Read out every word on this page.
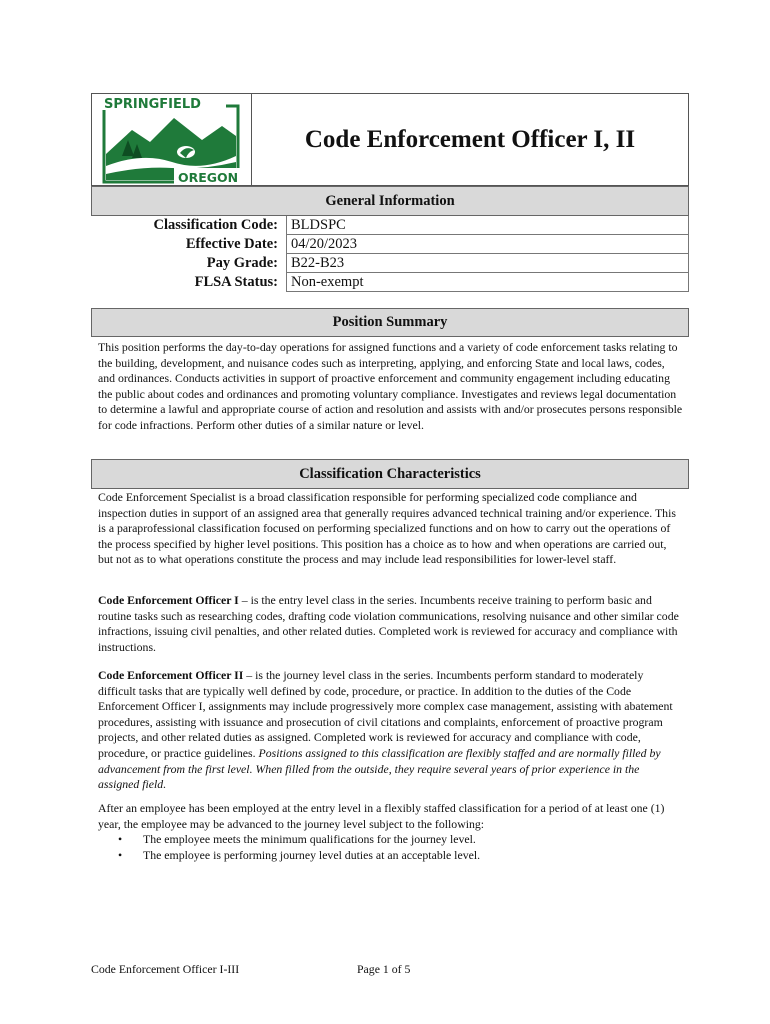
SPRINGFIELD
OREGON
Code Enforcement Officer I, II
General Information
Classification Code:	BLDSPC
Effective Date:	04/20/2023
Pay Grade:	B22-B23
FLSA Status:	Non-exempt
Position Summary

This position performs the day-to-day operations for assigned functions and a variety of code enforcement tasks relating to the building, development, and nuisance codes such as interpreting, applying, and enforcing State and local laws, codes, and ordinances. Conducts activities in support of proactive enforcement and community engagement including educating the public about codes and ordinances and promoting voluntary compliance. Investigates and reviews legal documentation to determine a lawful and appropriate course of action and resolution and assists with and/or prosecutes persons responsible for code infractions. Perform other duties of a similar nature or level.

Classification Characteristics

Code Enforcement Specialist is a broad classification responsible for performing specialized code compliance and inspection duties in support of an assigned area that generally requires advanced technical training and/or experience. This is a paraprofessional classification focused on performing specialized functions and on how to carry out the operations of the process specified by higher level positions. This position has a choice as to how and when operations are carried out, but not as to what operations constitute the process and may include lead responsibilities for lower-level staff.

Code Enforcement Officer I – is the entry level class in the series. Incumbents receive training to perform basic and routine tasks such as researching codes, drafting code violation communications, resolving nuisance and other similar code infractions, issuing civil penalties, and other related duties. Completed work is reviewed for accuracy and compliance with instructions.

Code Enforcement Officer II – is the journey level class in the series. Incumbents perform standard to moderately difficult tasks that are typically well defined by code, procedure, or practice. In addition to the duties of the Code Enforcement Officer I, assignments may include progressively more complex case management, assisting with abatement procedures, assisting with issuance and prosecution of civil citations and complaints, enforcement of proactive program projects, and other related duties as assigned. Completed work is reviewed for accuracy and compliance with code, procedure, or practice guidelines. Positions assigned to this classification are flexibly staffed and are normally filled by advancement from the first level. When filled from the outside, they require several years of prior experience in the assigned field.

After an employee has been employed at the entry level in a flexibly staffed classification for a period of at least one (1) year, the employee may be advanced to the journey level subject to the following:

• The employee meets the minimum qualifications for the journey level.
• The employee is performing journey level duties at an acceptable level.
Code Enforcement Officer I-III	Page 1 of 5
